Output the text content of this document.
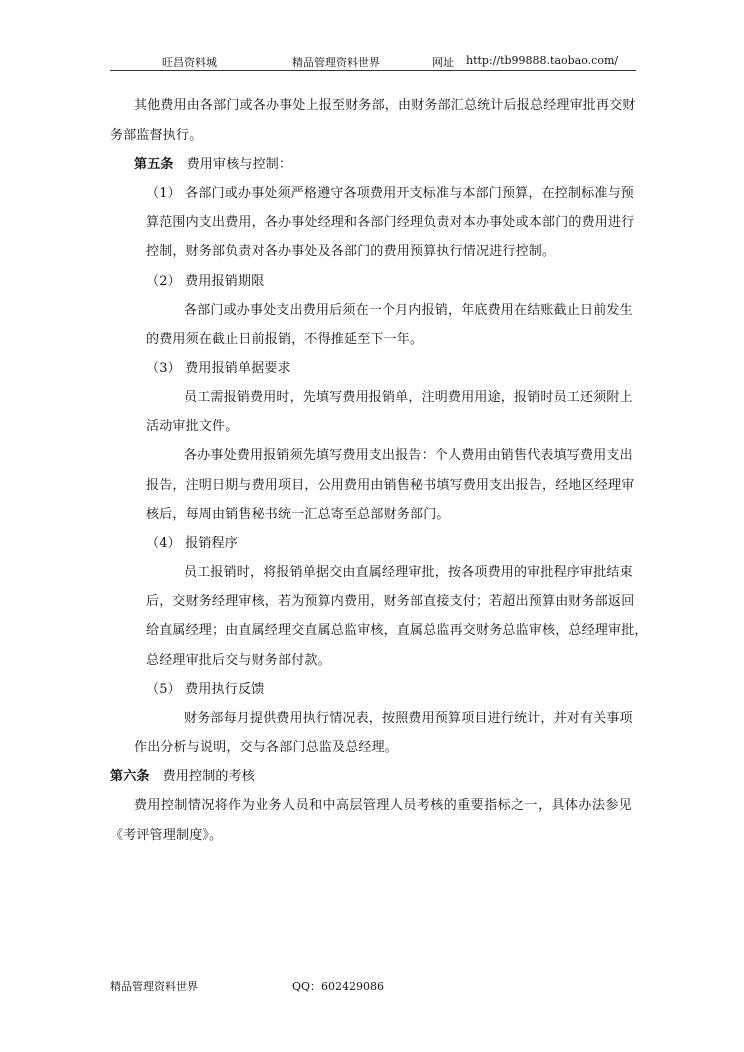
旺昌资料城	精品管理资料世界	网址 http://tb99888.taobao.com/
其他费用由各部门或各办事处上报至财务部，由财务部汇总统计后报总经理审批再交财
务部监督执行。
第五条 费用审核与控制：
（1） 各部门或办事处须严格遵守各项费用开支标准与本部门预算，在控制标准与预
算范围内支出费用，各办事处经理和各部门经理负责对本办事处或本部门的费用进行
控制，财务部负责对各办事处及各部门的费用预算执行情况进行控制。
（2） 费用报销期限
各部门或办事处支出费用后须在一个月内报销，年底费用在结账截止日前发生
的费用须在截止日前报销，不得推延至下一年。
（3） 费用报销单据要求
员工需报销费用时，先填写费用报销单，注明费用用途，报销时员工还须附上
活动审批文件。
各办事处费用报销须先填写费用支出报告：个人费用由销售代表填写费用支出
报告，注明日期与费用项目，公用费用由销售秘书填写费用支出报告，经地区经理审
核后，每周由销售秘书统一汇总寄至总部财务部门。
（4） 报销程序
员工报销时，将报销单据交由直属经理审批，按各项费用的审批程序审批结束
后，交财务经理审核，若为预算内费用，财务部直接支付；若超出预算由财务部返回
给直属经理；由直属经理交直属总监审核，直属总监再交财务总监审核，总经理审批，
总经理审批后交与财务部付款。
（5） 费用执行反馈
财务部每月提供费用执行情况表，按照费用预算项目进行统计，并对有关事项
作出分析与说明，交与各部门总监及总经理。
第六条 费用控制的考核
费用控制情况将作为业务人员和中高层管理人员考核的重要指标之一，具体办法参见
《考评管理制度》。
精品管理资料世界	QQ：602429086
